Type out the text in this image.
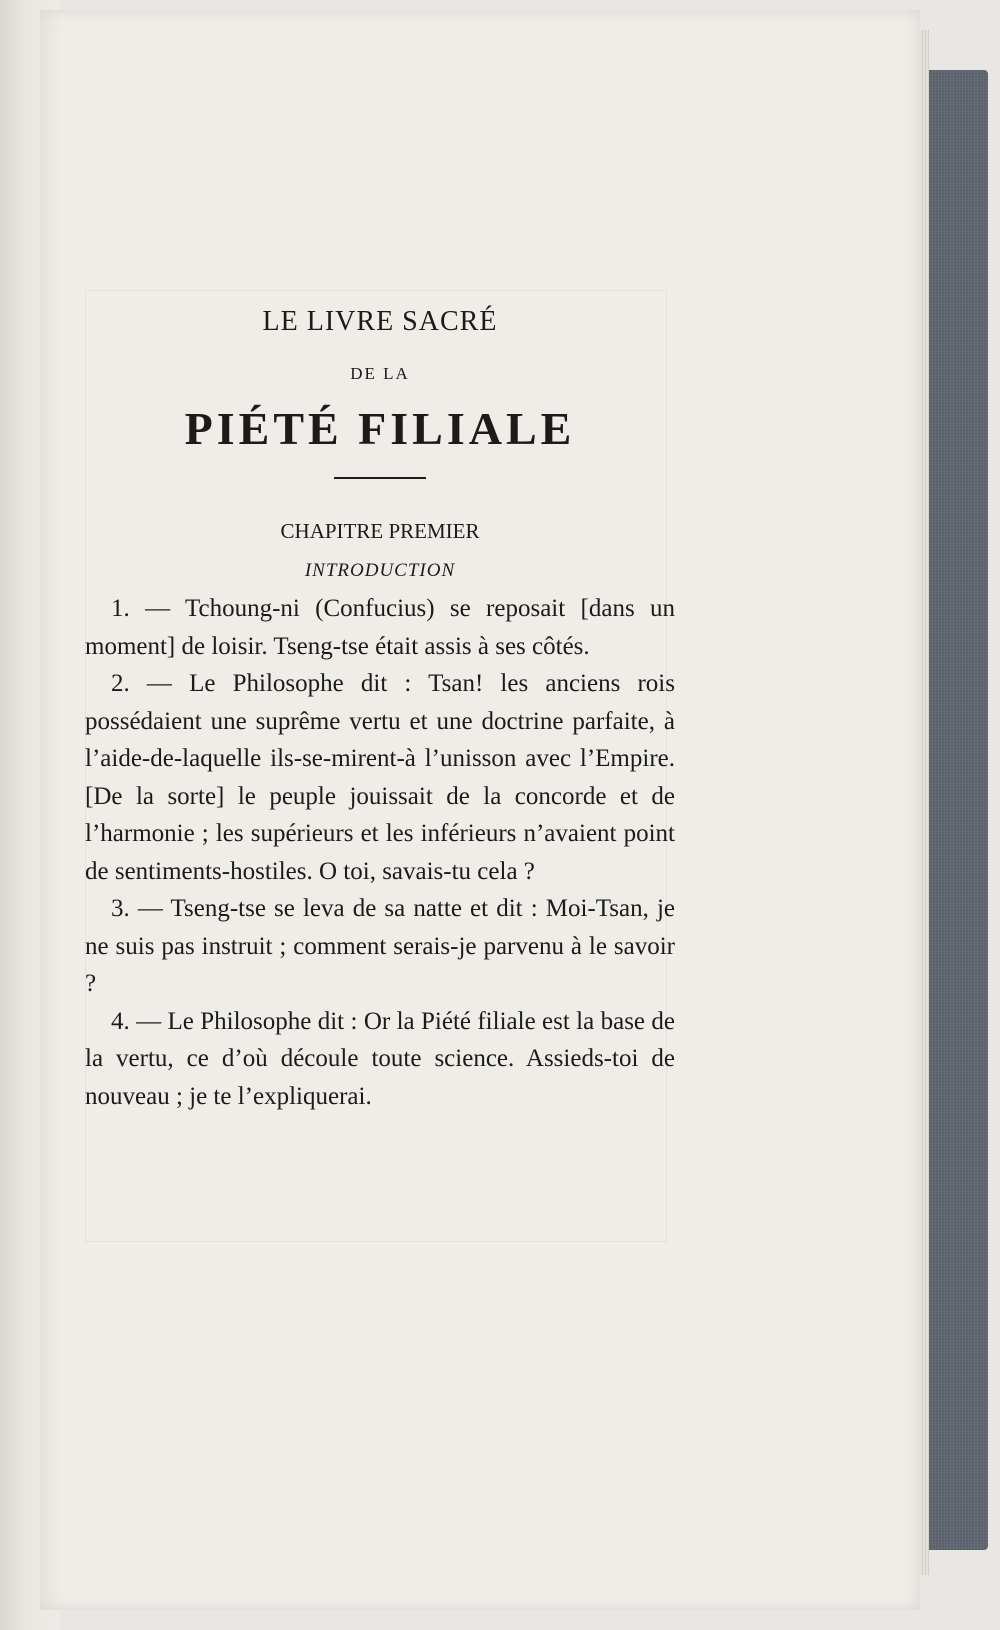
LE LIVRE SACRÉ
DE LA
PIÉTÉ FILIALE
CHAPITRE PREMIER
INTRODUCTION

1. — Tchoung-ni (Confucius) se reposait [dans un moment] de loisir. Tseng-tse était assis à ses côtés.

2. — Le Philosophe dit : Tsan! les anciens rois possédaient une suprême vertu et une doctrine parfaite, à l’aide-de-laquelle ils-se-mirent-à l’unisson avec l’Empire. [De la sorte] le peuple jouissait de la concorde et de l’harmonie ; les supérieurs et les inférieurs n’avaient point de sentiments-hostiles. O toi, savais-tu cela ?

3. — Tseng-tse se leva de sa natte et dit : Moi-Tsan, je ne suis pas instruit ; comment serais-je parvenu à le savoir ?

4. — Le Philosophe dit : Or la Piété filiale est la base de la vertu, ce d’où découle toute science. Assieds-toi de nouveau ; je te l’expliquerai.
